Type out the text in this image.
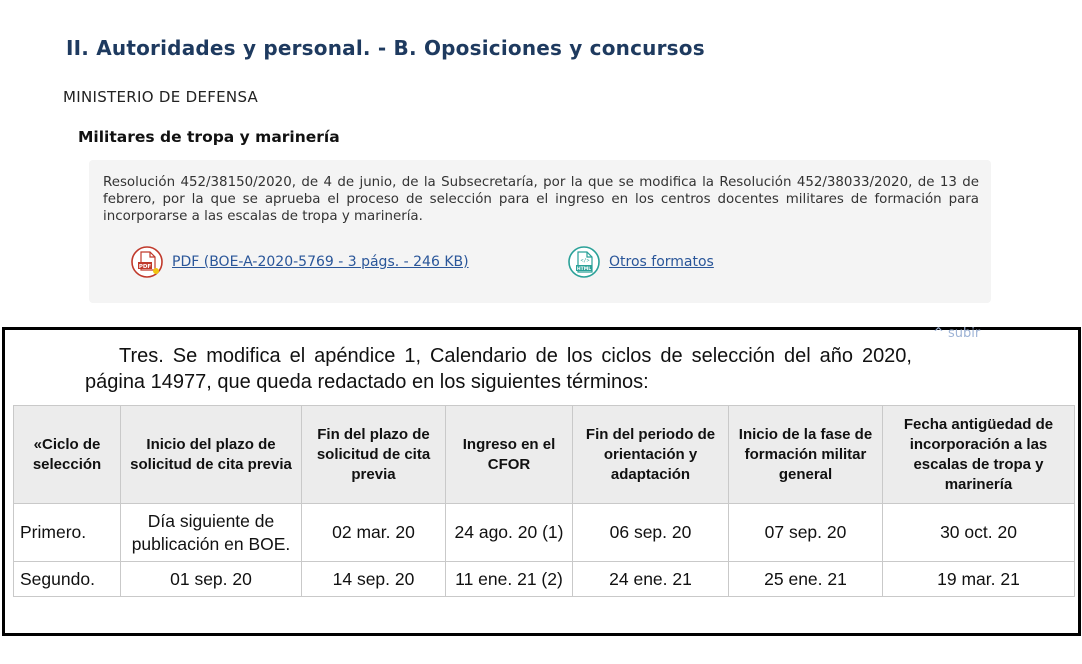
II. Autoridades y personal. - B. Oposiciones y concursos
MINISTERIO DE DEFENSA
Militares de tropa y marinería
Resolución 452/38150/2020, de 4 de junio, de la Subsecretaría, por la que se modifica la Resolución 452/38033/2020, de 13 de febrero, por la que se aprueba el proceso de selección para el ingreso en los centros docentes militares de formación para incorporarse a las escalas de tropa y marinería.
PDF PDF (BOE-A-2020-5769 - 3 págs. - 246 KB)	</>
HTML Otros formatos
Tres. Se modifica el apéndice 1, Calendario de los ciclos de selección del año 2020, página 14977, que queda redactado en los siguientes términos:
«Ciclo de selección	Inicio del plazo de solicitud de cita previa	Fin del plazo de solicitud de cita previa	Ingreso en el CFOR	Fin del periodo de orientación y adaptación	Inicio de la fase de formación militar general	Fecha antigüedad de incorporación a las escalas de tropa y marinería
Primero.	Día siguiente de publicación en BOE.	02 mar. 20	24 ago. 20 (1)	06 sep. 20	07 sep. 20	30 oct. 20
Segundo.	01 sep. 20	14 sep. 20	11 ene. 21 (2)	24 ene. 21	25 ene. 21	19 mar. 21
^ subir
